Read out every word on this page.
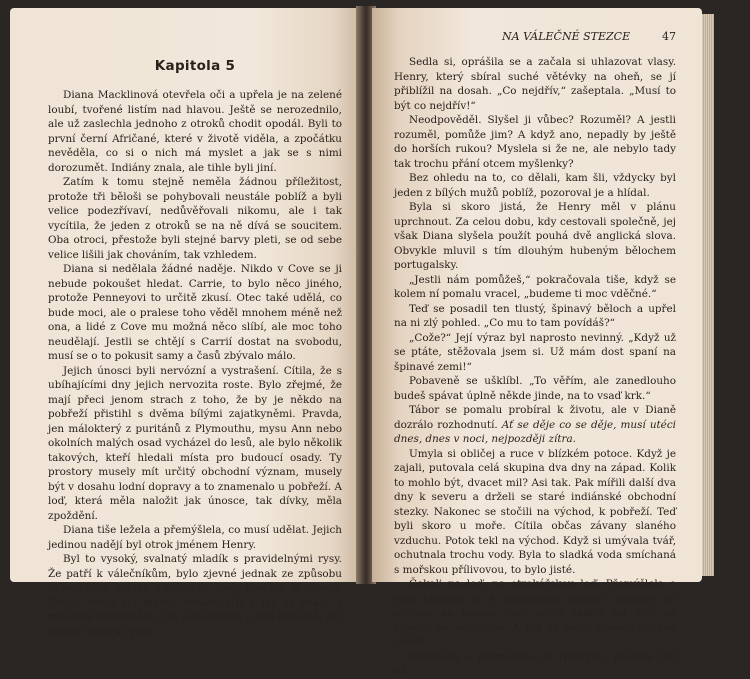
Kapitola 5

Diana Macklinová otevřela oči a upřela je na zelené loubí, tvořené listím nad hlavou. Ještě se nerozednilo, ale už zaslechla jednoho z otroků chodit opodál. Byli to první černí Afričané, které v životě viděla, a zpočátku nevěděla, co si o nich má myslet a jak se s nimi dorozumět. Indiány znala, ale tihle byli jiní.

Zatím k tomu stejně neměla žádnou příležitost, protože tři běloši se pohybovali neustále poblíž a byli velice podezřívaví, nedůvěřovali nikomu, ale i tak vycítila, že jeden z otroků se na ně dívá se soucitem. Oba otroci, přestože byli stejné barvy pleti, se od sebe velice lišili jak chováním, tak vzhledem.

Diana si nedělala žádné naděje. Nikdo v Cove se ji nebude pokoušet hledat. Carrie, to bylo něco jiného, protože Penneyovi to určitě zkusí. Otec také udělá, co bude moci, ale o pralese toho věděl mnohem méně než ona, a lidé z Cove mu možná něco slíbí, ale moc toho neudělají. Jestli se chtějí s Carrií dostat na svobodu, musí se o to pokusit samy a časů zbývalo málo.

Jejich únosci byli nervózní a vystrašení. Cítila, že s ubíhajícími dny jejich nervozita roste. Bylo zřejmé, že mají přeci jenom strach z toho, že by je někdo na pobřeží přistihl s dvěma bílými zajatkyněmi. Pravda, jen málokterý z puritánů z Plymouthu, mysu Ann nebo okolních malých osad vycházel do lesů, ale bylo několik takových, kteří hledali místa pro budoucí osady. Ty prostory musely mít určitý obchodní význam, musely být v dosahu lodní dopravy a to znamenalo u pobřeží. A loď, která měla naložit jak únosce, tak dívky, měla zpoždění.

Diana tiše ležela a přemýšlela, co musí udělat. Jejich jedinou nadějí byl otrok jménem Henry.

Byl to vysoký, svalnatý mladík s pravidelnými rysy. Že patří k válečníkům, bylo zjevné jednak ze způsobu držení těla, jednak z několika jizev, kterých si všimla. Druhý otrok byl menší, robustnější a jak se zdálo, i mnohem poslušnější. Jak vyrozuměla z řeči bělochů, byl skvělý lovec a rybář.

NA VÁLEČNÉ STEZCE	47

Sedla si, oprášila se a začala si uhlazovat vlasy. Henry, který sbíral suché větévky na oheň, se jí přiblížil na dosah. „Co nejdřív,“ zašeptala. „Musí to být co nejdřív!“

Neodpověděl. Slyšel ji vůbec? Rozuměl? A jestli rozuměl, pomůže jim? A když ano, nepadly by ještě do horších rukou? Myslela si že ne, ale nebylo tady tak trochu přání otcem myšlenky?

Bez ohledu na to, co dělali, kam šli, vždycky byl jeden z bílých mužů poblíž, pozoroval je a hlídal.

Byla si skoro jistá, že Henry měl v plánu uprchnout. Za celou dobu, kdy cestovali společně, jej však Diana slyšela použít pouhá dvě anglická slova. Obvykle mluvil s tím dlouhým hubeným bělochem portugalsky.

„Jestli nám pomůžeš,“ pokračovala tiše, když se kolem ní pomalu vracel, „budeme ti moc vděčné.“

Teď se posadil ten tlustý, špinavý běloch a upřel na ni zlý pohled. „Co mu to tam povídáš?“

„Cože?“ Její výraz byl naprosto nevinný. „Když už se ptáte, stěžovala jsem si. Už mám dost spaní na špinavé zemi!“

Pobaveně se ušklíbl. „To věřím, ale zanedlouho budeš spávat úplně někde jinde, na to vsaď krk.“

Tábor se pomalu probíral k životu, ale v Dianě dozrálo rozhodnutí. Ať se děje co se děje, musí utéci dnes, dnes v noci, nejpozději zítra.

Umyla si obličej a ruce v blízkém potoce. Když je zajali, putovala celá skupina dva dny na západ. Kolik to mohlo být, dvacet mil? Asi tak. Pak mířili další dva dny k severu a drželi se staré indiánské obchodní stezky. Nakonec se stočili na východ, k pobřeží. Teď byli skoro u moře. Cítila občas závany slaného vzduchu. Potok tekl na východ. Když si umývala tvář, ochutnala trochu vody. Byla to sladká voda smíchaná s mořskou přílivovou, to bylo jisté.

Čekali na loď, na otrokářskou loď. Přemýšlela o tom chladně a s naprostým klidem. Jakmile se ocitnou na palubě lodi, jejich naděje na útěk se zmenší na minimum. A loď se může objevit každou chvíli.

Riskovala a promluvila na Henryho, protože teď už
